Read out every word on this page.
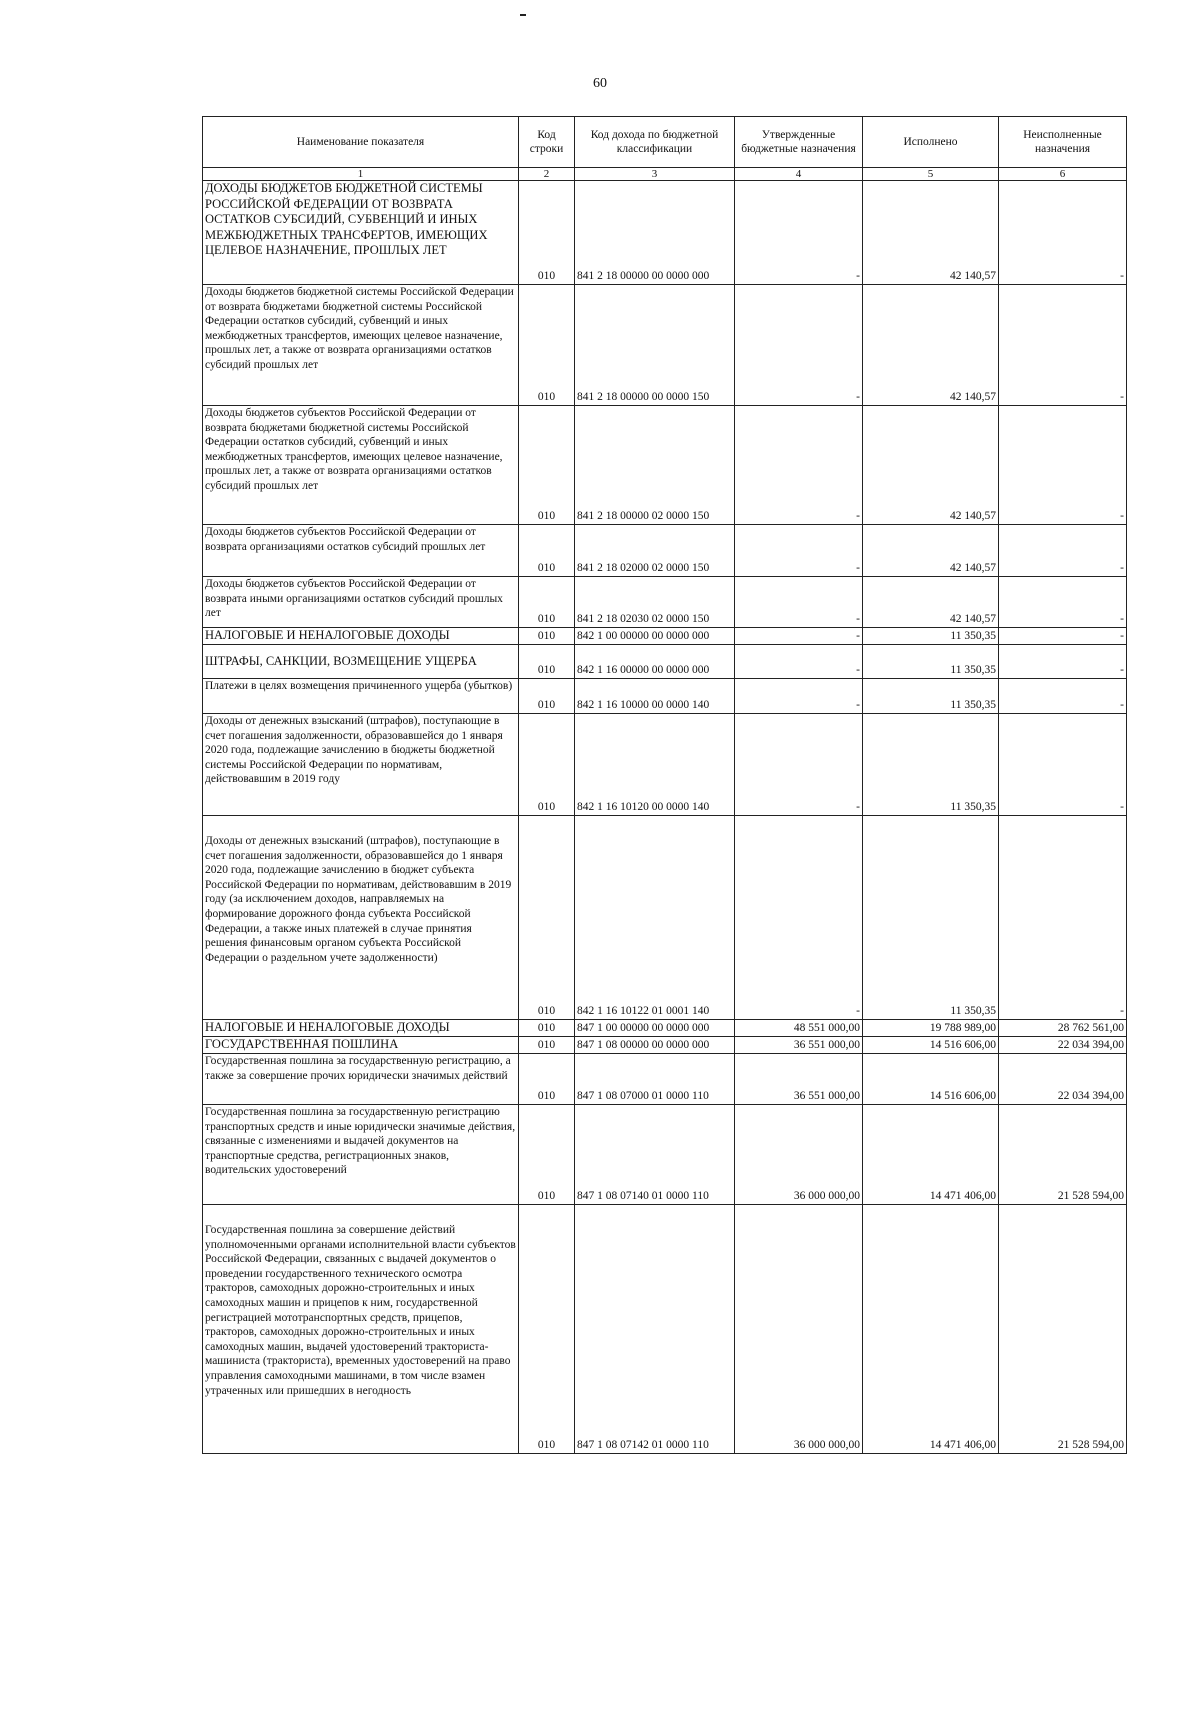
60
Наименование показателя	Код строки	Код дохода по бюджетной классификации	Утвержденные бюджетные назначения	Исполнено	Неисполненные назначения
1	2	3	4	5	6
ДОХОДЫ БЮДЖЕТОВ БЮДЖЕТНОЙ СИСТЕМЫ РОССИЙСКОЙ ФЕДЕРАЦИИ ОТ ВОЗВРАТА ОСТАТКОВ СУБСИДИЙ, СУБВЕНЦИЙ И ИНЫХ МЕЖБЮДЖЕТНЫХ ТРАНСФЕРТОВ, ИМЕЮЩИХ ЦЕЛЕВОЕ НАЗНАЧЕНИЕ, ПРОШЛЫХ ЛЕТ	010	841 2 18 00000 00 0000 000	-	42 140,57	-
Доходы бюджетов бюджетной системы Российской Федерации от возврата бюджетами бюджетной системы Российской Федерации остатков субсидий, субвенций и иных межбюджетных трансфертов, имеющих целевое назначение, прошлых лет, а также от возврата организациями остатков субсидий прошлых лет	010	841 2 18 00000 00 0000 150	-	42 140,57	-
Доходы бюджетов субъектов Российской Федерации от возврата бюджетами бюджетной системы Российской Федерации остатков субсидий, субвенций и иных межбюджетных трансфертов, имеющих целевое назначение, прошлых лет, а также от возврата организациями остатков субсидий прошлых лет	010	841 2 18 00000 02 0000 150	-	42 140,57	-
Доходы бюджетов субъектов Российской Федерации от возврата организациями остатков субсидий прошлых лет	010	841 2 18 02000 02 0000 150	-	42 140,57	-
Доходы бюджетов субъектов Российской Федерации от возврата иными организациями остатков субсидий прошлых лет	010	841 2 18 02030 02 0000 150	-	42 140,57	-
НАЛОГОВЫЕ И НЕНАЛОГОВЫЕ ДОХОДЫ	010	842 1 00 00000 00 0000 000	-	11 350,35	-
ШТРАФЫ, САНКЦИИ, ВОЗМЕЩЕНИЕ УЩЕРБА	010	842 1 16 00000 00 0000 000	-	11 350,35	-
Платежи в целях возмещения причиненного ущерба (убытков)	010	842 1 16 10000 00 0000 140	-	11 350,35	-
Доходы от денежных взысканий (штрафов), поступающие в счет погашения задолженности, образовавшейся до 1 января 2020 года, подлежащие зачислению в бюджеты бюджетной системы Российской Федерации по нормативам, действовавшим в 2019 году	010	842 1 16 10120 00 0000 140	-	11 350,35	-
Доходы от денежных взысканий (штрафов), поступающие в счет погашения задолженности, образовавшейся до 1 января 2020 года, подлежащие зачислению в бюджет субъекта Российской Федерации по нормативам, действовавшим в 2019 году (за исключением доходов, направляемых на формирование дорожного фонда субъекта Российской Федерации, а также иных платежей в случае принятия решения финансовым органом субъекта Российской Федерации о раздельном учете задолженности)	010	842 1 16 10122 01 0001 140	-	11 350,35	-
НАЛОГОВЫЕ И НЕНАЛОГОВЫЕ ДОХОДЫ	010	847 1 00 00000 00 0000 000	48 551 000,00	19 788 989,00	28 762 561,00
ГОСУДАРСТВЕННАЯ ПОШЛИНА	010	847 1 08 00000 00 0000 000	36 551 000,00	14 516 606,00	22 034 394,00
Государственная пошлина за государственную регистрацию, а также за совершение прочих юридически значимых действий	010	847 1 08 07000 01 0000 110	36 551 000,00	14 516 606,00	22 034 394,00
Государственная пошлина за государственную регистрацию транспортных средств и иные юридически значимые действия, связанные с изменениями и выдачей документов на транспортные средства, регистрационных знаков, водительских удостоверений	010	847 1 08 07140 01 0000 110	36 000 000,00	14 471 406,00	21 528 594,00
Государственная пошлина за совершение действий уполномоченными органами исполнительной власти субъектов Российской Федерации, связанных с выдачей документов о проведении государственного технического осмотра тракторов, самоходных дорожно-строительных и иных самоходных машин и прицепов к ним, государственной регистрацией мототранспортных средств, прицепов, тракторов, самоходных дорожно-строительных и иных самоходных машин, выдачей удостоверений тракториста-машиниста (тракториста), временных удостоверений на право управления самоходными машинами, в том числе взамен утраченных или пришедших в негодность	010	847 1 08 07142 01 0000 110	36 000 000,00	14 471 406,00	21 528 594,00
